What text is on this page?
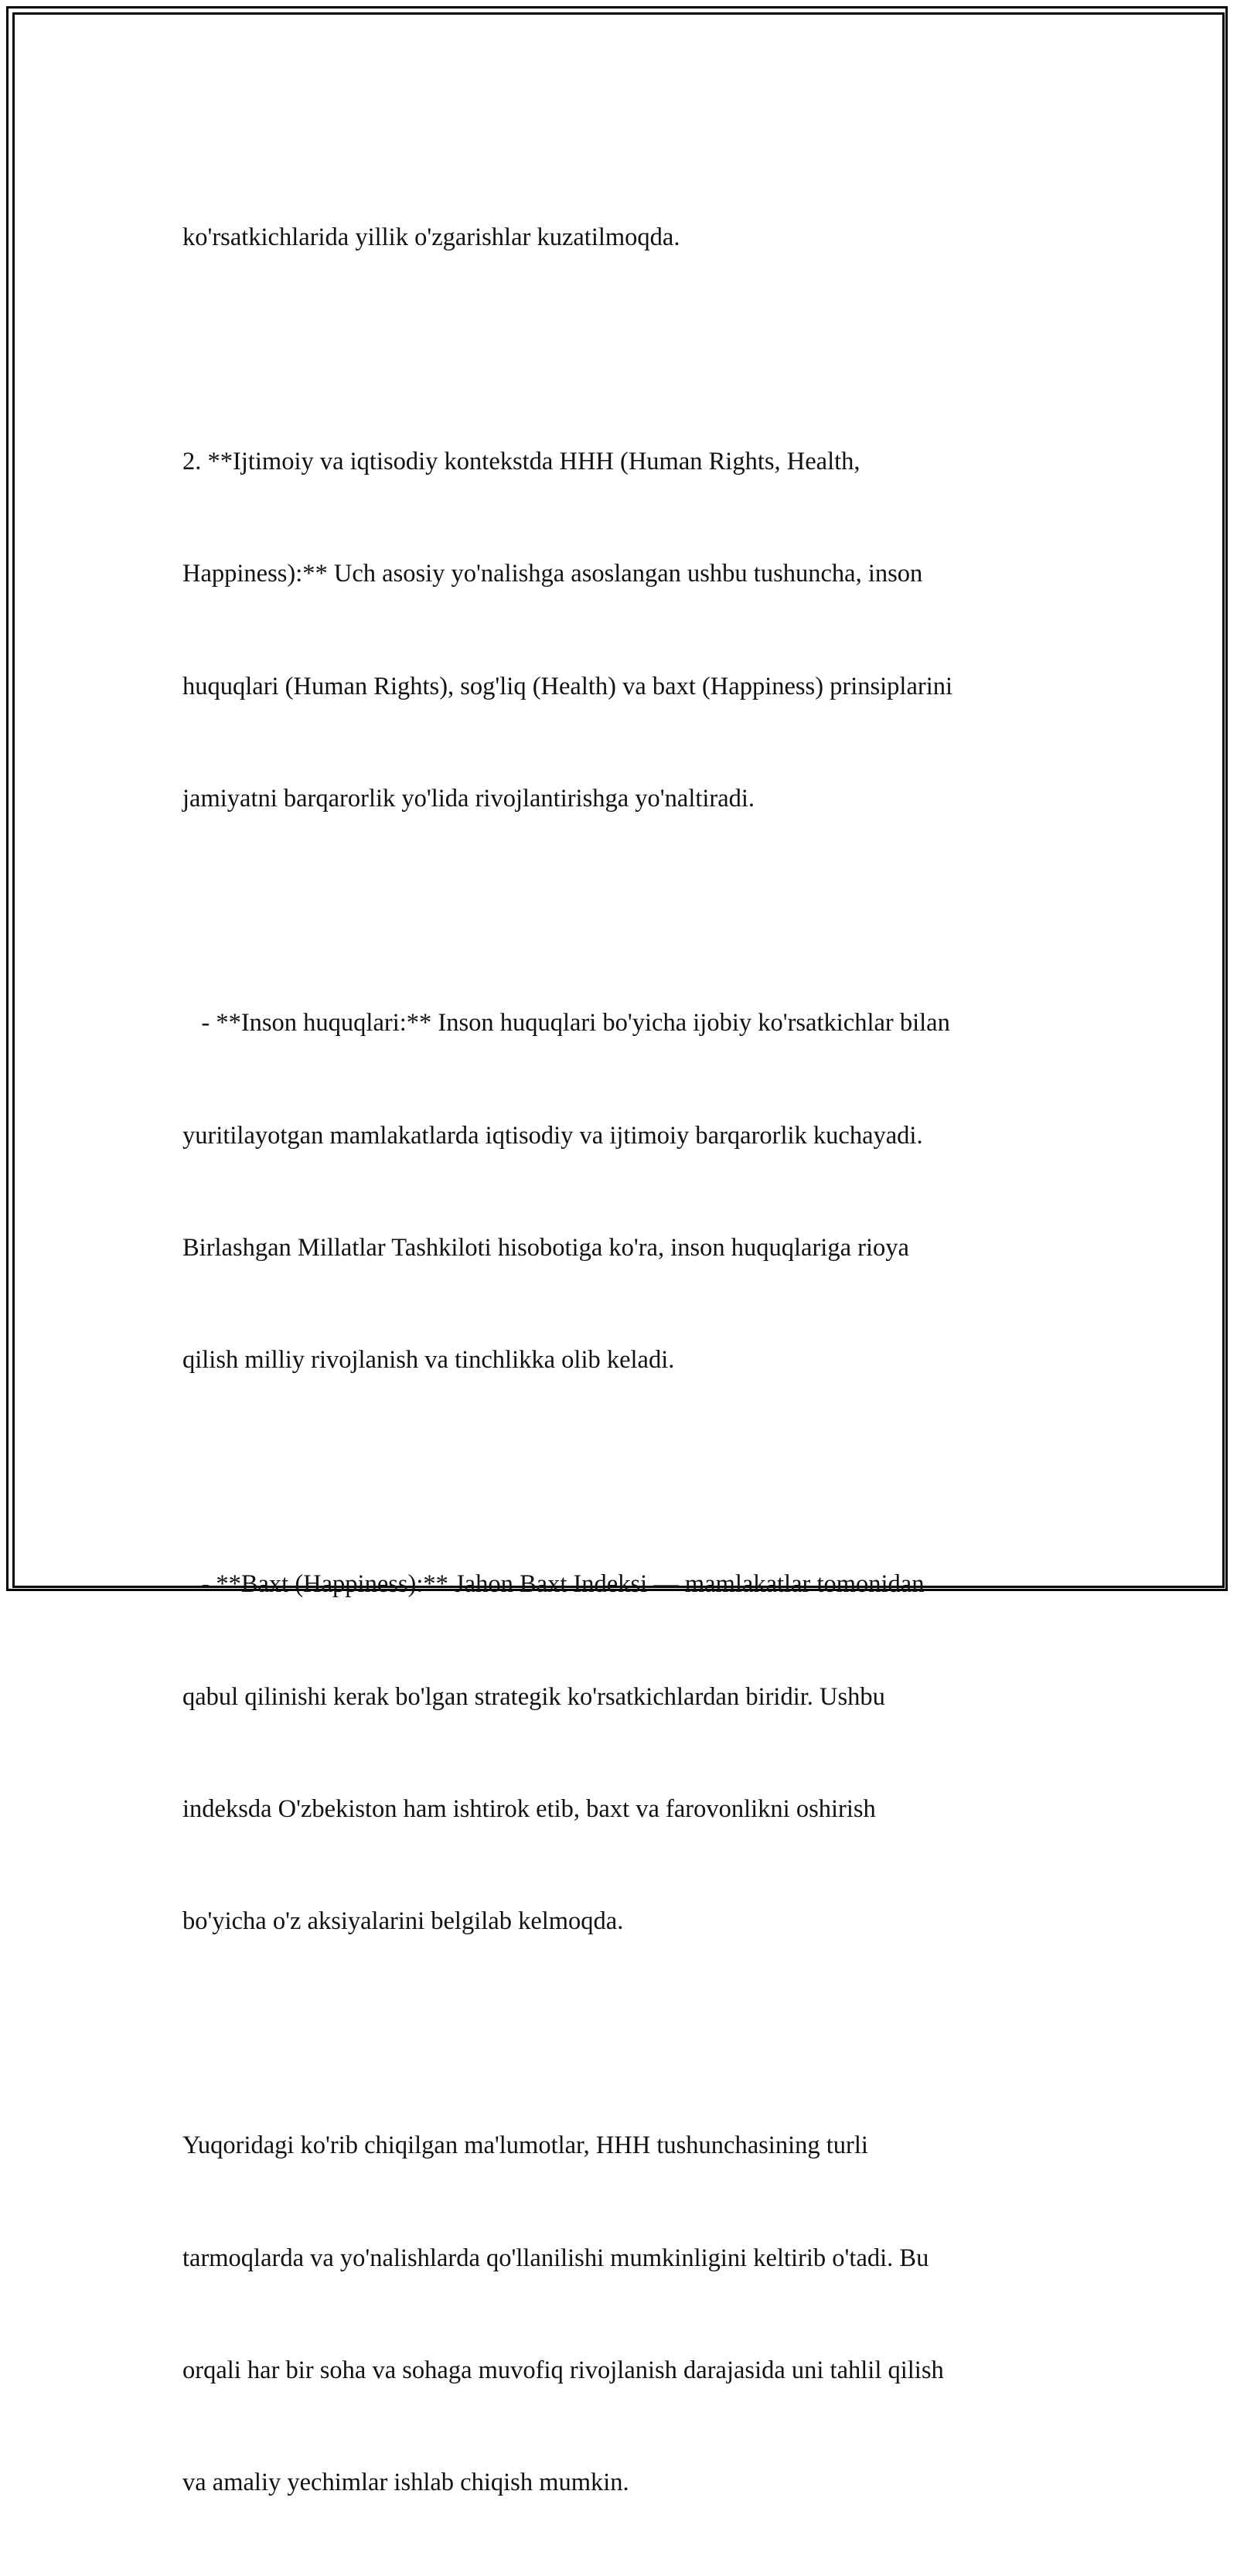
ko'rsatkichlarida yillik o'zgarishlar kuzatilmoqda.

2. **Ijtimoiy va iqtisodiy kontekstda HHH (Human Rights, Health,

Happiness):** Uch asosiy yo'nalishga asoslangan ushbu tushuncha, inson

huquqlari (Human Rights), sog'liq (Health) va baxt (Happiness) prinsiplarini

jamiyatni barqarorlik yo'lida rivojlantirishga yo'naltiradi.

- **Inson huquqlari:** Inson huquqlari bo'yicha ijobiy ko'rsatkichlar bilan

yuritilayotgan mamlakatlarda iqtisodiy va ijtimoiy barqarorlik kuchayadi.

Birlashgan Millatlar Tashkiloti hisobotiga ko'ra, inson huquqlariga rioya

qilish milliy rivojlanish va tinchlikka olib keladi.

- **Baxt (Happiness):** Jahon Baxt Indeksi — mamlakatlar tomonidan

qabul qilinishi kerak bo'lgan strategik ko'rsatkichlardan biridir. Ushbu

indeksda O'zbekiston ham ishtirok etib, baxt va farovonlikni oshirish

bo'yicha o'z aksiyalarini belgilab kelmoqda.

Yuqoridagi ko'rib chiqilgan ma'lumotlar, HHH tushunchasining turli

tarmoqlarda va yo'nalishlarda qo'llanilishi mumkinligini keltirib o'tadi. Bu

orqali har bir soha va sohaga muvofiq rivojlanish darajasida uni tahlil qilish

va amaliy yechimlar ishlab chiqish mumkin.
